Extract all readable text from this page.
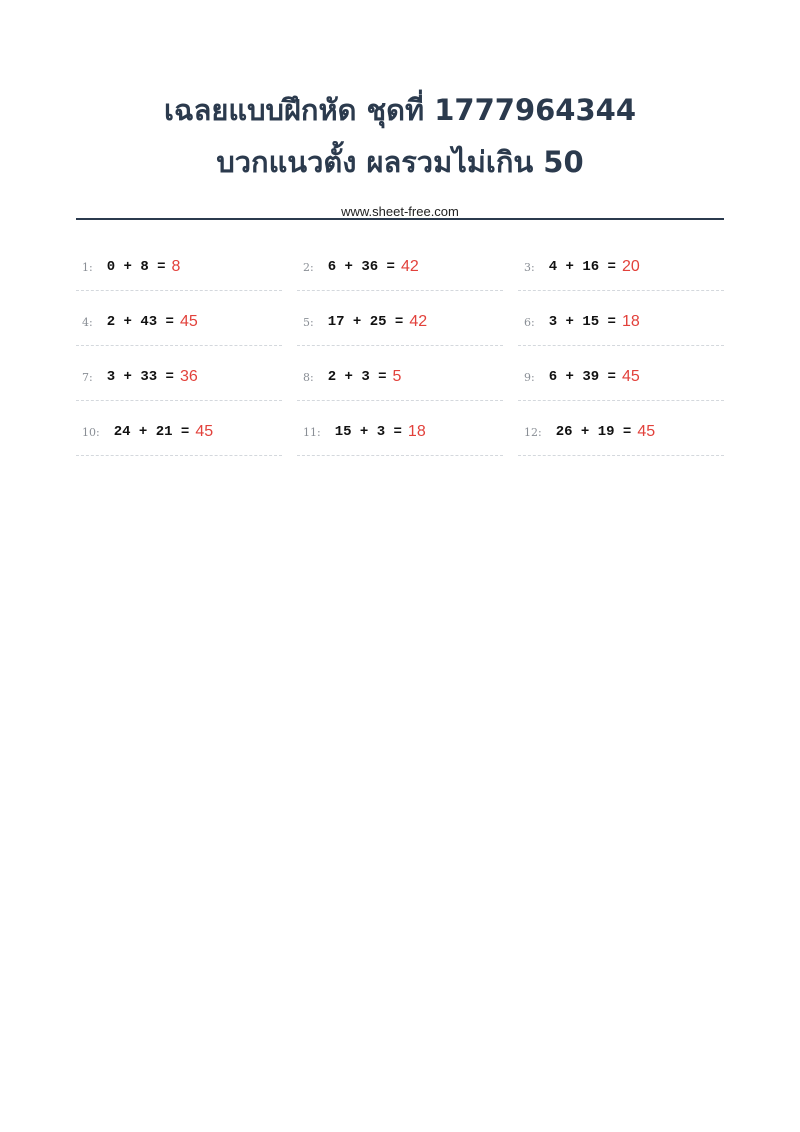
เฉลยแบบฝึกหัด ชุดที่ 1777964344
บวกแนวตั้ง ผลรวมไม่เกิน 50
www.sheet-free.com
1: 0 + 8 = 8	2: 6 + 36 = 42	3: 4 + 16 = 20
4: 2 + 43 = 45	5: 17 + 25 = 42	6: 3 + 15 = 18
7: 3 + 33 = 36	8: 2 + 3 = 5	9: 6 + 39 = 45
10: 24 + 21 = 45	11: 15 + 3 = 18	12: 26 + 19 = 45
